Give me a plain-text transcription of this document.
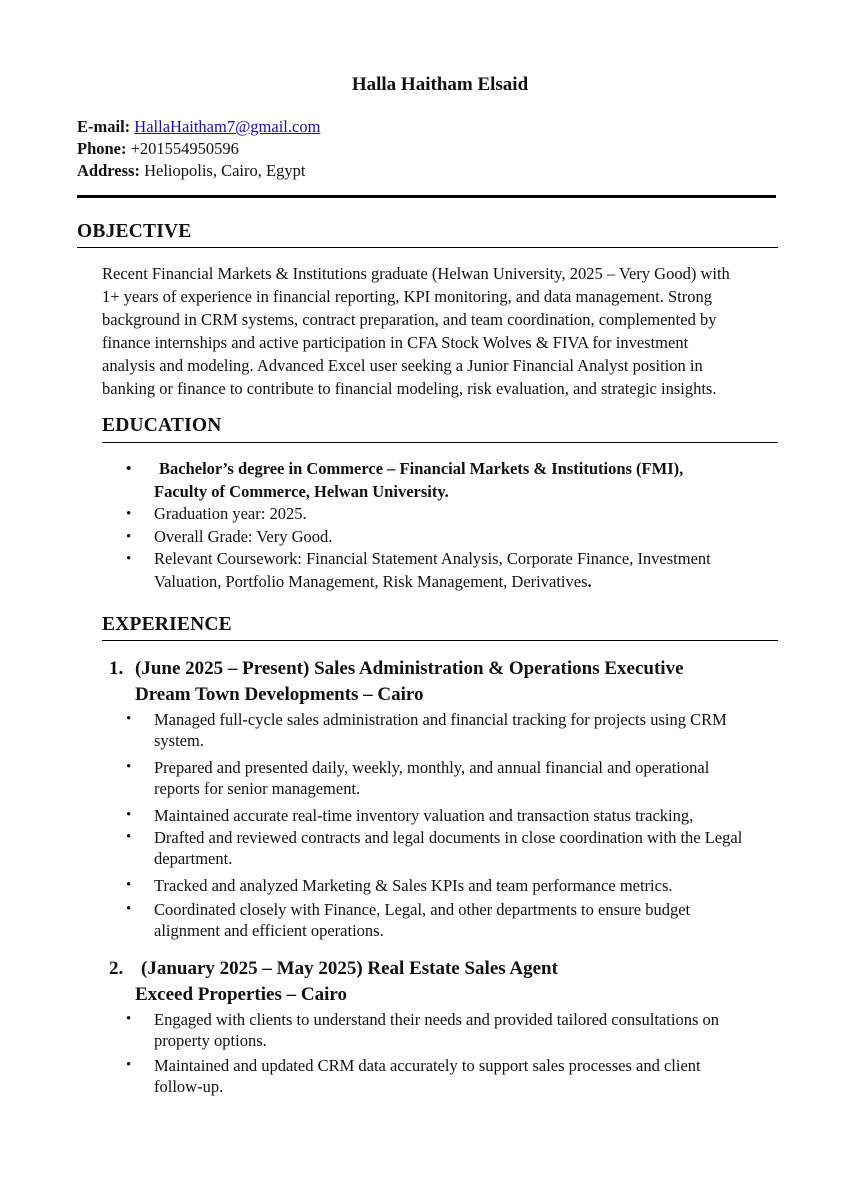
Halla Haitham Elsaid
E-mail: HallaHaitham7@gmail.com
Phone: +201554950596
Address: Heliopolis, Cairo, Egypt
OBJECTIVE
Recent Financial Markets & Institutions graduate (Helwan University, 2025 – Very Good) with
1+ years of experience in financial reporting, KPI monitoring, and data management. Strong
background in CRM systems, contract preparation, and team coordination, complemented by
finance internships and active participation in CFA Stock Wolves & FIVA for investment
analysis and modeling. Advanced Excel user seeking a Junior Financial Analyst position in
banking or finance to contribute to financial modeling, risk evaluation, and strategic insights.
EDUCATION
• Bachelor’s degree in Commerce – Financial Markets & Institutions (FMI),
Faculty of Commerce, Helwan University.
• Graduation year: 2025.
• Overall Grade: Very Good.
• Relevant Coursework: Financial Statement Analysis, Corporate Finance, Investment
Valuation, Portfolio Management, Risk Management, Derivatives.
EXPERIENCE
1. (June 2025 – Present) Sales Administration & Operations Executive
Dream Town Developments – Cairo
• Managed full-cycle sales administration and financial tracking for projects using CRM
system.
• Prepared and presented daily, weekly, monthly, and annual financial and operational
reports for senior management.
• Maintained accurate real-time inventory valuation and transaction status tracking,
• Drafted and reviewed contracts and legal documents in close coordination with the Legal
department.
• Tracked and analyzed Marketing & Sales KPIs and team performance metrics.
• Coordinated closely with Finance, Legal, and other departments to ensure budget
alignment and efficient operations.
2. (January 2025 – May 2025) Real Estate Sales Agent
Exceed Properties – Cairo
• Engaged with clients to understand their needs and provided tailored consultations on
property options.
• Maintained and updated CRM data accurately to support sales processes and client
follow-up.
